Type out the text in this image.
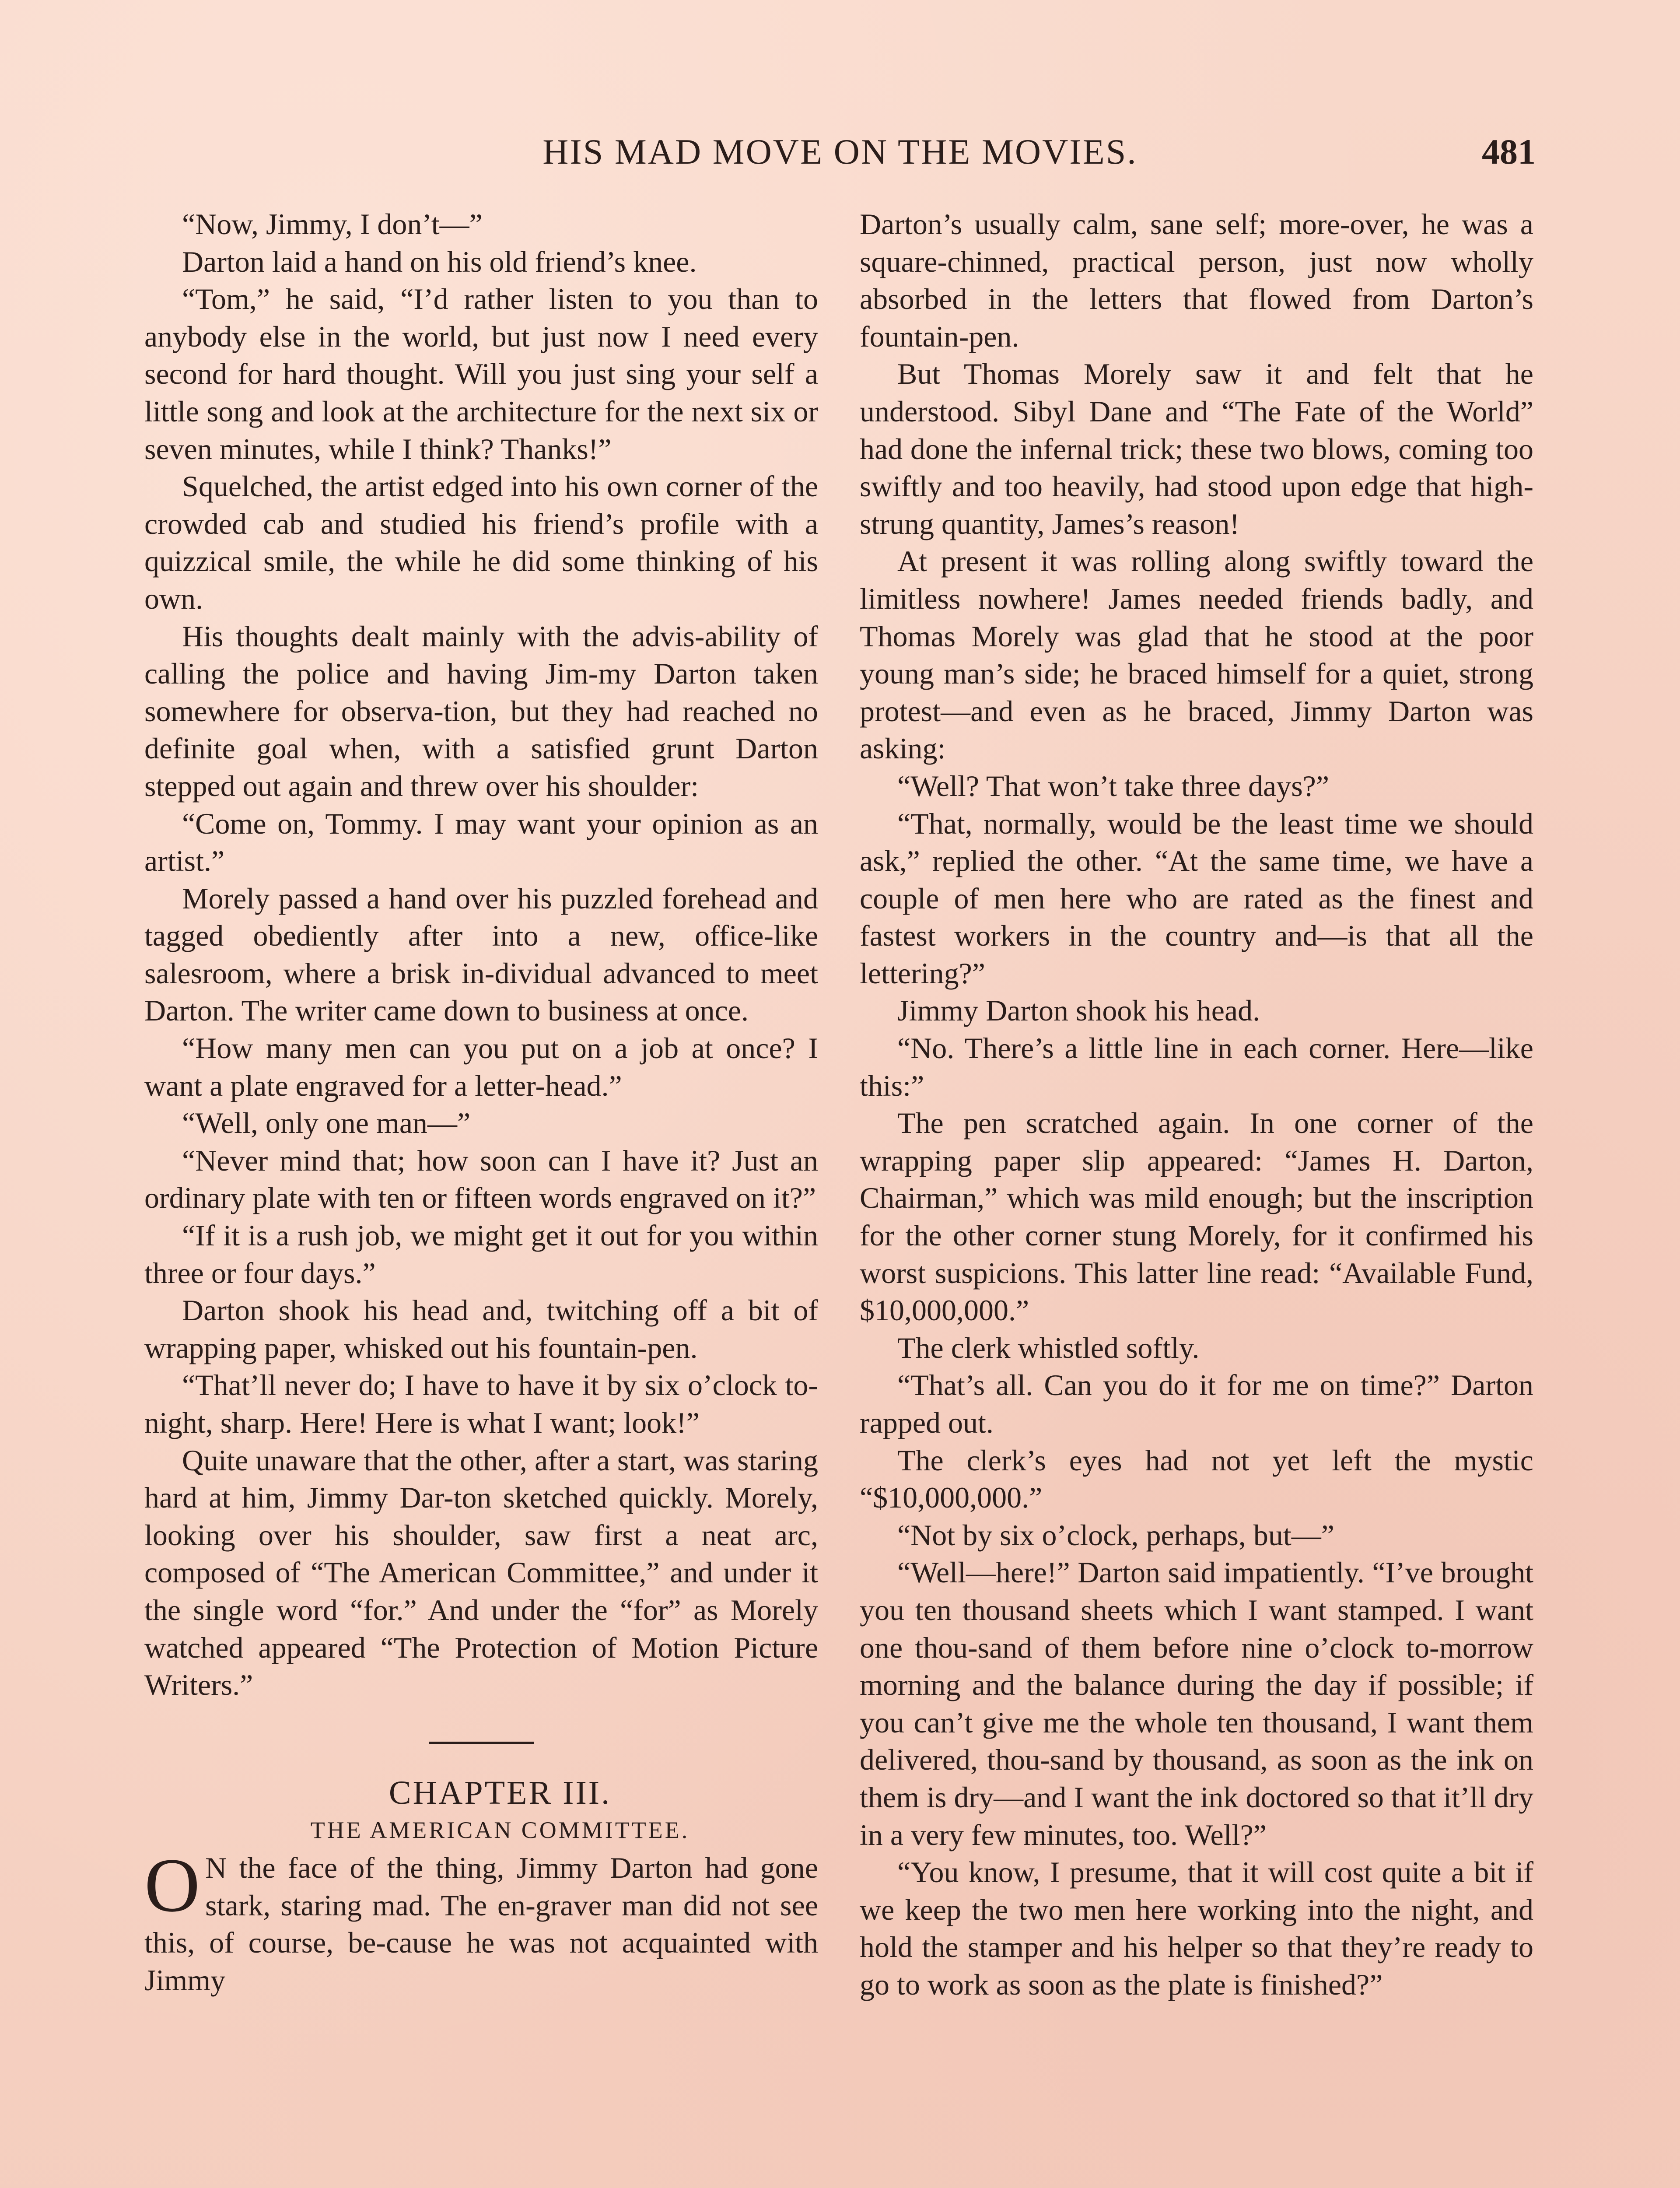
HIS MAD MOVE ON THE MOVIES.	481

“Now, Jimmy, I don’t—”

Darton laid a hand on his old friend’s knee.

“Tom,” he said, “I’d rather listen to you than to anybody else in the world, but just now I need every second for hard thought. Will you just sing your self a little song and look at the architecture for the next six or seven minutes, while I think? Thanks!”

Squelched, the artist edged into his own corner of the crowded cab and studied his friend’s profile with a quizzical smile, the while he did some thinking of his own.

His thoughts dealt mainly with the advis-ability of calling the police and having Jim-my Darton taken somewhere for observa-tion, but they had reached no definite goal when, with a satisfied grunt Darton stepped out again and threw over his shoulder:

“Come on, Tommy. I may want your opinion as an artist.”

Morely passed a hand over his puzzled forehead and tagged obediently after into a new, office-like salesroom, where a brisk in-dividual advanced to meet Darton. The writer came down to business at once.

“How many men can you put on a job at once? I want a plate engraved for a letter-head.”

“Well, only one man—”

“Never mind that; how soon can I have it? Just an ordinary plate with ten or fifteen words engraved on it?”

“If it is a rush job, we might get it out for you within three or four days.”

Darton shook his head and, twitching off a bit of wrapping paper, whisked out his fountain-pen.

“That’ll never do; I have to have it by six o’clock to-night, sharp. Here! Here is what I want; look!”

Quite unaware that the other, after a start, was staring hard at him, Jimmy Dar-ton sketched quickly. Morely, looking over his shoulder, saw first a neat arc, composed of “The American Committee,” and under it the single word “for.” And under the “for” as Morely watched appeared “The Protection of Motion Picture Writers.”

CHAPTER III.

THE AMERICAN COMMITTEE.

O N the face of the thing, Jimmy Darton had gone stark, staring mad. The en-graver man did not see this, of course, be-cause he was not acquainted with Jimmy

Darton’s usually calm, sane self; more-over, he was a square-chinned, practical person, just now wholly absorbed in the letters that flowed from Darton’s fountain-pen.

But Thomas Morely saw it and felt that he understood. Sibyl Dane and “The Fate of the World” had done the infernal trick; these two blows, coming too swiftly and too heavily, had stood upon edge that high-strung quantity, James’s reason!

At present it was rolling along swiftly toward the limitless nowhere! James needed friends badly, and Thomas Morely was glad that he stood at the poor young man’s side; he braced himself for a quiet, strong protest—and even as he braced, Jimmy Darton was asking:

“Well? That won’t take three days?”

“That, normally, would be the least time we should ask,” replied the other. “At the same time, we have a couple of men here who are rated as the finest and fastest workers in the country and—is that all the lettering?”

Jimmy Darton shook his head.

“No. There’s a little line in each corner. Here—like this:”

The pen scratched again. In one corner of the wrapping paper slip appeared: “James H. Darton, Chairman,” which was mild enough; but the inscription for the other corner stung Morely, for it confirmed his worst suspicions. This latter line read: “Available Fund, $10,000,000.”

The clerk whistled softly.

“That’s all. Can you do it for me on time?” Darton rapped out.

The clerk’s eyes had not yet left the mystic “$10,000,000.”

“Not by six o’clock, perhaps, but—”

“Well—here!” Darton said impatiently. “I’ve brought you ten thousand sheets which I want stamped. I want one thou-sand of them before nine o’clock to-morrow morning and the balance during the day if possible; if you can’t give me the whole ten thousand, I want them delivered, thou-sand by thousand, as soon as the ink on them is dry—and I want the ink doctored so that it’ll dry in a very few minutes, too. Well?”

“You know, I presume, that it will cost quite a bit if we keep the two men here working into the night, and hold the stamper and his helper so that they’re ready to go to work as soon as the plate is finished?”
